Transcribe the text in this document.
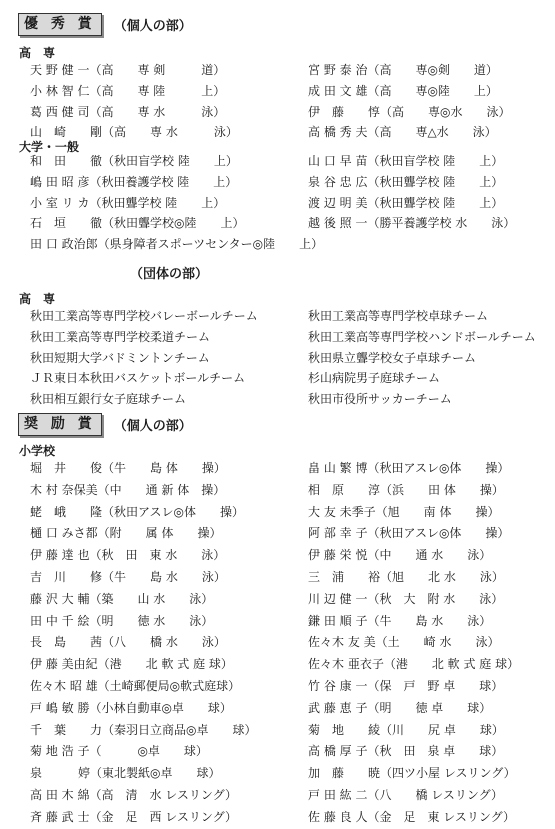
優 秀 賞	（個人の部）
高　専
天 野 健 一（高　　専 剣　　　道）
小 林 智 仁（高　　専 陸　　　上）
葛 西 健 司（高　　専 水　　　泳）
山　崎　　剛（高　　専 水　　　泳）
宮 野 泰 治（高　　専◎剣　　道）
成 田 文 雄（高　　専◎陸　　上）
伊　藤　　惇（高　　専◎水　　泳）
高 橋 秀 夫（高　　専△水　　泳）
大学・一般
和　田　　徹（秋田盲学校 陸　　上）
嶋 田 昭 彦（秋田養護学校 陸　　上）
小 室 リ カ（秋田聾学校 陸　　上）
石　垣　　徹（秋田聾学校◎陸　　上）
田 口 政治郎（県身障者スポーツセンター◎陸　　上）
山 口 早 苗（秋田盲学校 陸　　上）
泉 谷 忠 広（秋田聾学校 陸　　上）
渡 辺 明 美（秋田聾学校 陸　　上）
越 後 照 一（勝平養護学校 水　　泳）
（団体の部）
高　専
秋田工業高等専門学校バレーボールチーム
秋田工業高等専門学校柔道チーム
秋田短期大学バドミントンチーム
ＪＲ東日本秋田バスケットボールチーム
秋田相互銀行女子庭球チーム
秋田工業高等専門学校卓球チーム
秋田工業高等専門学校ハンドボールチーム
秋田県立聾学校女子卓球チーム
杉山病院男子庭球チーム
秋田市役所サッカーチーム
奨 励 賞	（個人の部）
小学校
堀　井　　俊（牛　　島 体　　操）
木 村 奈保美（中　　通 新 体　操）
蛯　峨　　隆（秋田アスレ◎体　　操）
樋 口 みさ都（附　　属 体　　操）
伊 藤 達 也（秋　田　東 水　　泳）
吉　川　　修（牛　　島 水　　泳）
藤 沢 大 輔（築　　山 水　　泳）
田 中 千 絵（明　　徳 水　　泳）
長　島　　茜（八　　橋 水　　泳）
伊 藤 美由紀（港　　北 軟 式 庭 球）
佐々木 昭 雄（土崎郵便局◎軟式庭球）
戸 嶋 敏 勝（小林自動車◎卓　　球）
千　葉　　力（秦羽日立商品◎卓　　球）
菊 地 浩 子（　　　◎卓　　球）
泉　　　婷（東北製紙◎卓　　球）
高 田 木 綿（高　清　水 レスリング）
斉 藤 武 士（金　足　西 レスリング）
畠 山 繁 博（秋田アスレ◎体　　操）
相　原　　淳（浜　　田 体　　操）
大 友 未季子（旭　　南 体　　操）
阿 部 幸 子（秋田アスレ◎体　　操）
伊 藤 栄 悦（中　　通 水　　泳）
三　浦　　裕（旭　　北 水　　泳）
川 辺 健 一（秋　大　附 水　　泳）
鎌 田 順 子（牛　　島 水　　泳）
佐々木 友 美（土　　崎 水　　泳）
佐々木 亜衣子（港　　北 軟 式 庭 球）
竹 谷 康 一（保　戸　野 卓　　球）
武 藤 恵 子（明　　徳 卓　　球）
菊　地　　綾（川　　尻 卓　　球）
高 橋 厚 子（秋　田　泉 卓　　球）
加　藤　　暁（四ツ小屋 レスリング）
戸 田 紘 二（八　　橋 レスリング）
佐 藤 良 人（金　足　東 レスリング）
